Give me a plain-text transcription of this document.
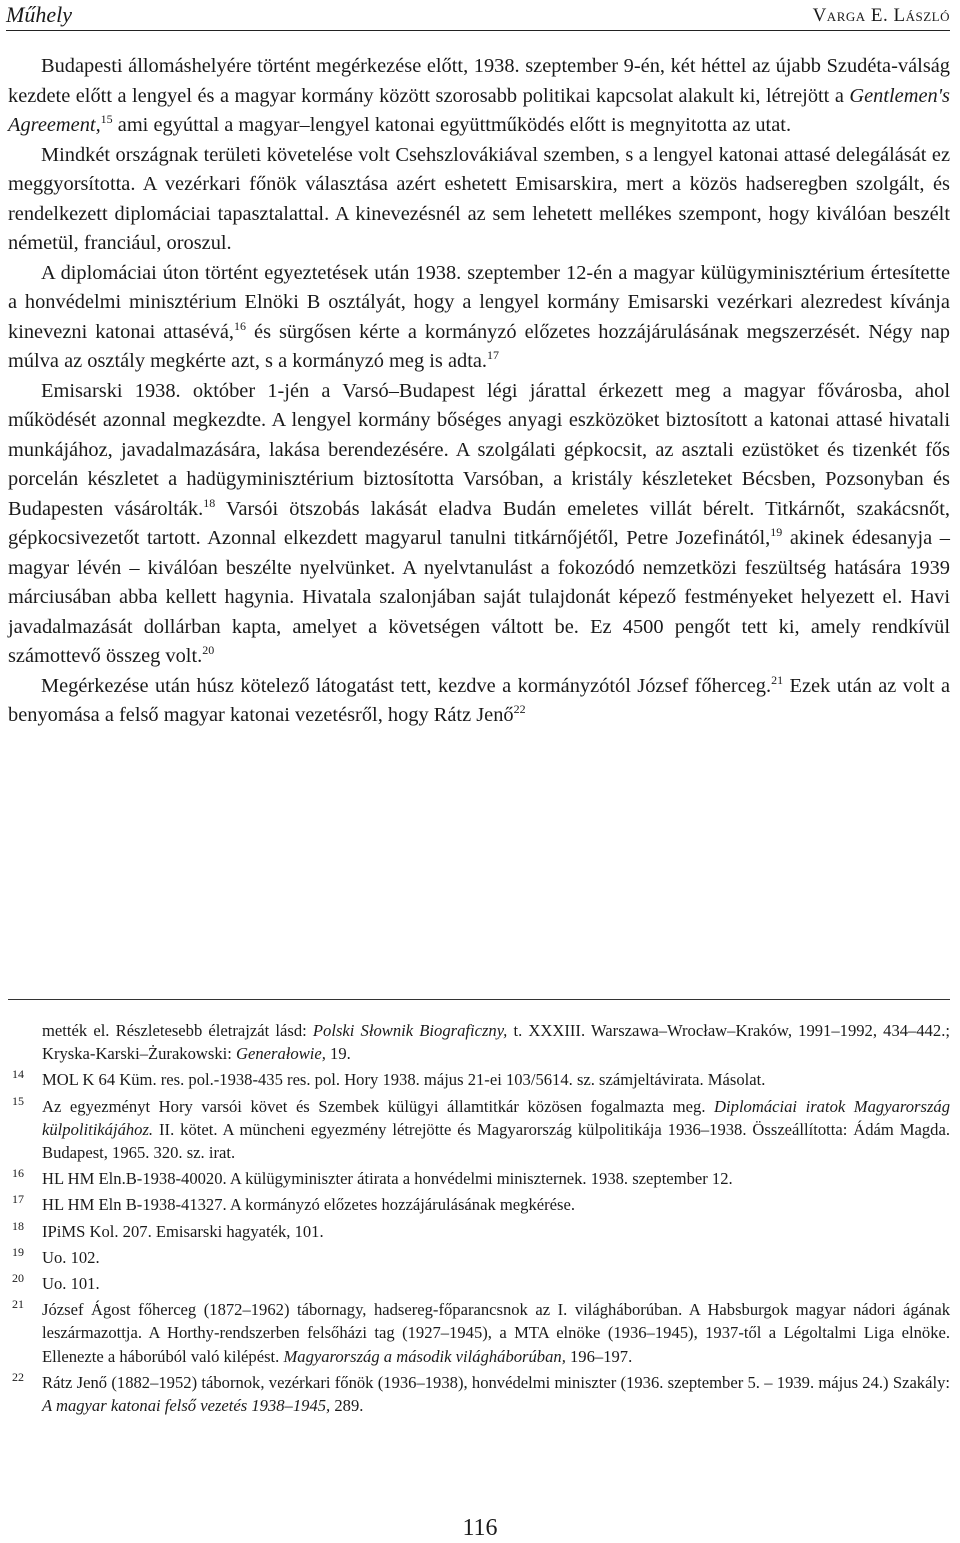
Műhely	Varga E. László

Budapesti állomáshelyére történt megérkezése előtt, 1938. szeptember 9-én, két héttel az újabb Szudéta-válság kezdete előtt a lengyel és a magyar kormány között szorosabb politikai kapcsolat alakult ki, létrejött a Gentlemen's Agreement,$^{15}$ ami egyúttal a magyar–lengyel katonai együttműködés előtt is megnyitotta az utat.

Mindkét országnak területi követelése volt Csehszlovákiával szemben, s a lengyel katonai attasé delegálását ez meggyorsította. A vezérkari főnök választása azért eshetett Emisarskira, mert a közös hadseregben szolgált, és rendelkezett diplomáciai tapasztalattal. A kinevezésnél az sem lehetett mellékes szempont, hogy kiválóan beszélt németül, franciául, oroszul.

A diplomáciai úton történt egyeztetések után 1938. szeptember 12-én a magyar külügyminisztérium értesítette a honvédelmi minisztérium Elnöki B osztályát, hogy a lengyel kormány Emisarski vezérkari alezredest kívánja kinevezni katonai attasévá,$^{16}$ és sürgősen kérte a kormányzó előzetes hozzájárulásának megszerzését. Négy nap múlva az osztály megkérte azt, s a kormányzó meg is adta.$^{17}$

Emisarski 1938. október 1-jén a Varsó–Budapest légi járattal érkezett meg a magyar fővárosba, ahol működését azonnal megkezdte. A lengyel kormány bőséges anyagi eszközöket biztosított a katonai attasé hivatali munkájához, javadalmazására, lakása berendezésére. A szolgálati gépkocsit, az asztali ezüstöket és tizenkét fős porcelán készletet a hadügyminisztérium biztosította Varsóban, a kristály készleteket Bécsben, Pozsonyban és Budapesten vásárolták.$^{18}$ Varsói ötszobás lakását eladva Budán emeletes villát bérelt. Titkárnőt, szakácsnőt, gépkocsivezetőt tartott. Azonnal elkezdett magyarul tanulni titkárnőjétől, Petre Jozefinától,$^{19}$ akinek édesanyja – magyar lévén – kiválóan beszélte nyelvünket. A nyelvtanulást a fokozódó nemzetközi feszültség hatására 1939 márciusában abba kellett hagynia. Hivatala szalonjában saját tulajdonát képező festményeket helyezett el. Havi javadalmazását dollárban kapta, amelyet a követségen váltott be. Ez 4500 pengőt tett ki, amely rendkívül számottevő összeg volt.$^{20}$

Megérkezése után húsz kötelező látogatást tett, kezdve a kormányzótól József főherceg.$^{21}$ Ezek után az volt a benyomása a felső magyar katonai vezetésről, hogy Rátz Jenő$^{22}$

mették el. Részletesebb életrajzát lásd: Polski Słownik Biograficzny, t. XXXIII. Warszawa–Wrocław–Kraków, 1991–1992, 434–442.; Kryska-Karski–Żurakowski: Generałowie, 19.
14 MOL K 64 Küm. res. pol.-1938-435 res. pol. Hory 1938. május 21-ei 103/5614. sz. számjeltávirata. Másolat.
15 Az egyezményt Hory varsói követ és Szembek külügyi államtitkár közösen fogalmazta meg. Diplomáciai iratok Magyarország külpolitikájához. II. kötet. A müncheni egyezmény létrejötte és Magyarország külpolitikája 1936–1938. Összeállította: Ádám Magda. Budapest, 1965. 320. sz. irat.
16 HL HM Eln.B-1938-40020. A külügyminiszter átirata a honvédelmi miniszternek. 1938. szeptember 12.
17 HL HM Eln B-1938-41327. A kormányzó előzetes hozzájárulásának megkérése.
18 IPiMS Kol. 207. Emisarski hagyaték, 101.
19 Uo. 102.
20 Uo. 101.
21 József Ágost főherceg (1872–1962) tábornagy, hadsereg-főparancsnok az I. világháborúban. A Habsburgok magyar nádori ágának leszármazottja. A Horthy-rendszerben felsőházi tag (1927–1945), a MTA elnöke (1936–1945), 1937-től a Légoltalmi Liga elnöke. Ellenezte a háborúból való kilépést. Magyarország a második világháborúban, 196–197.
22 Rátz Jenő (1882–1952) tábornok, vezérkari főnök (1936–1938), honvédelmi miniszter (1936. szeptember 5. – 1939. május 24.) Szakály: A magyar katonai felső vezetés 1938–1945, 289.
116
